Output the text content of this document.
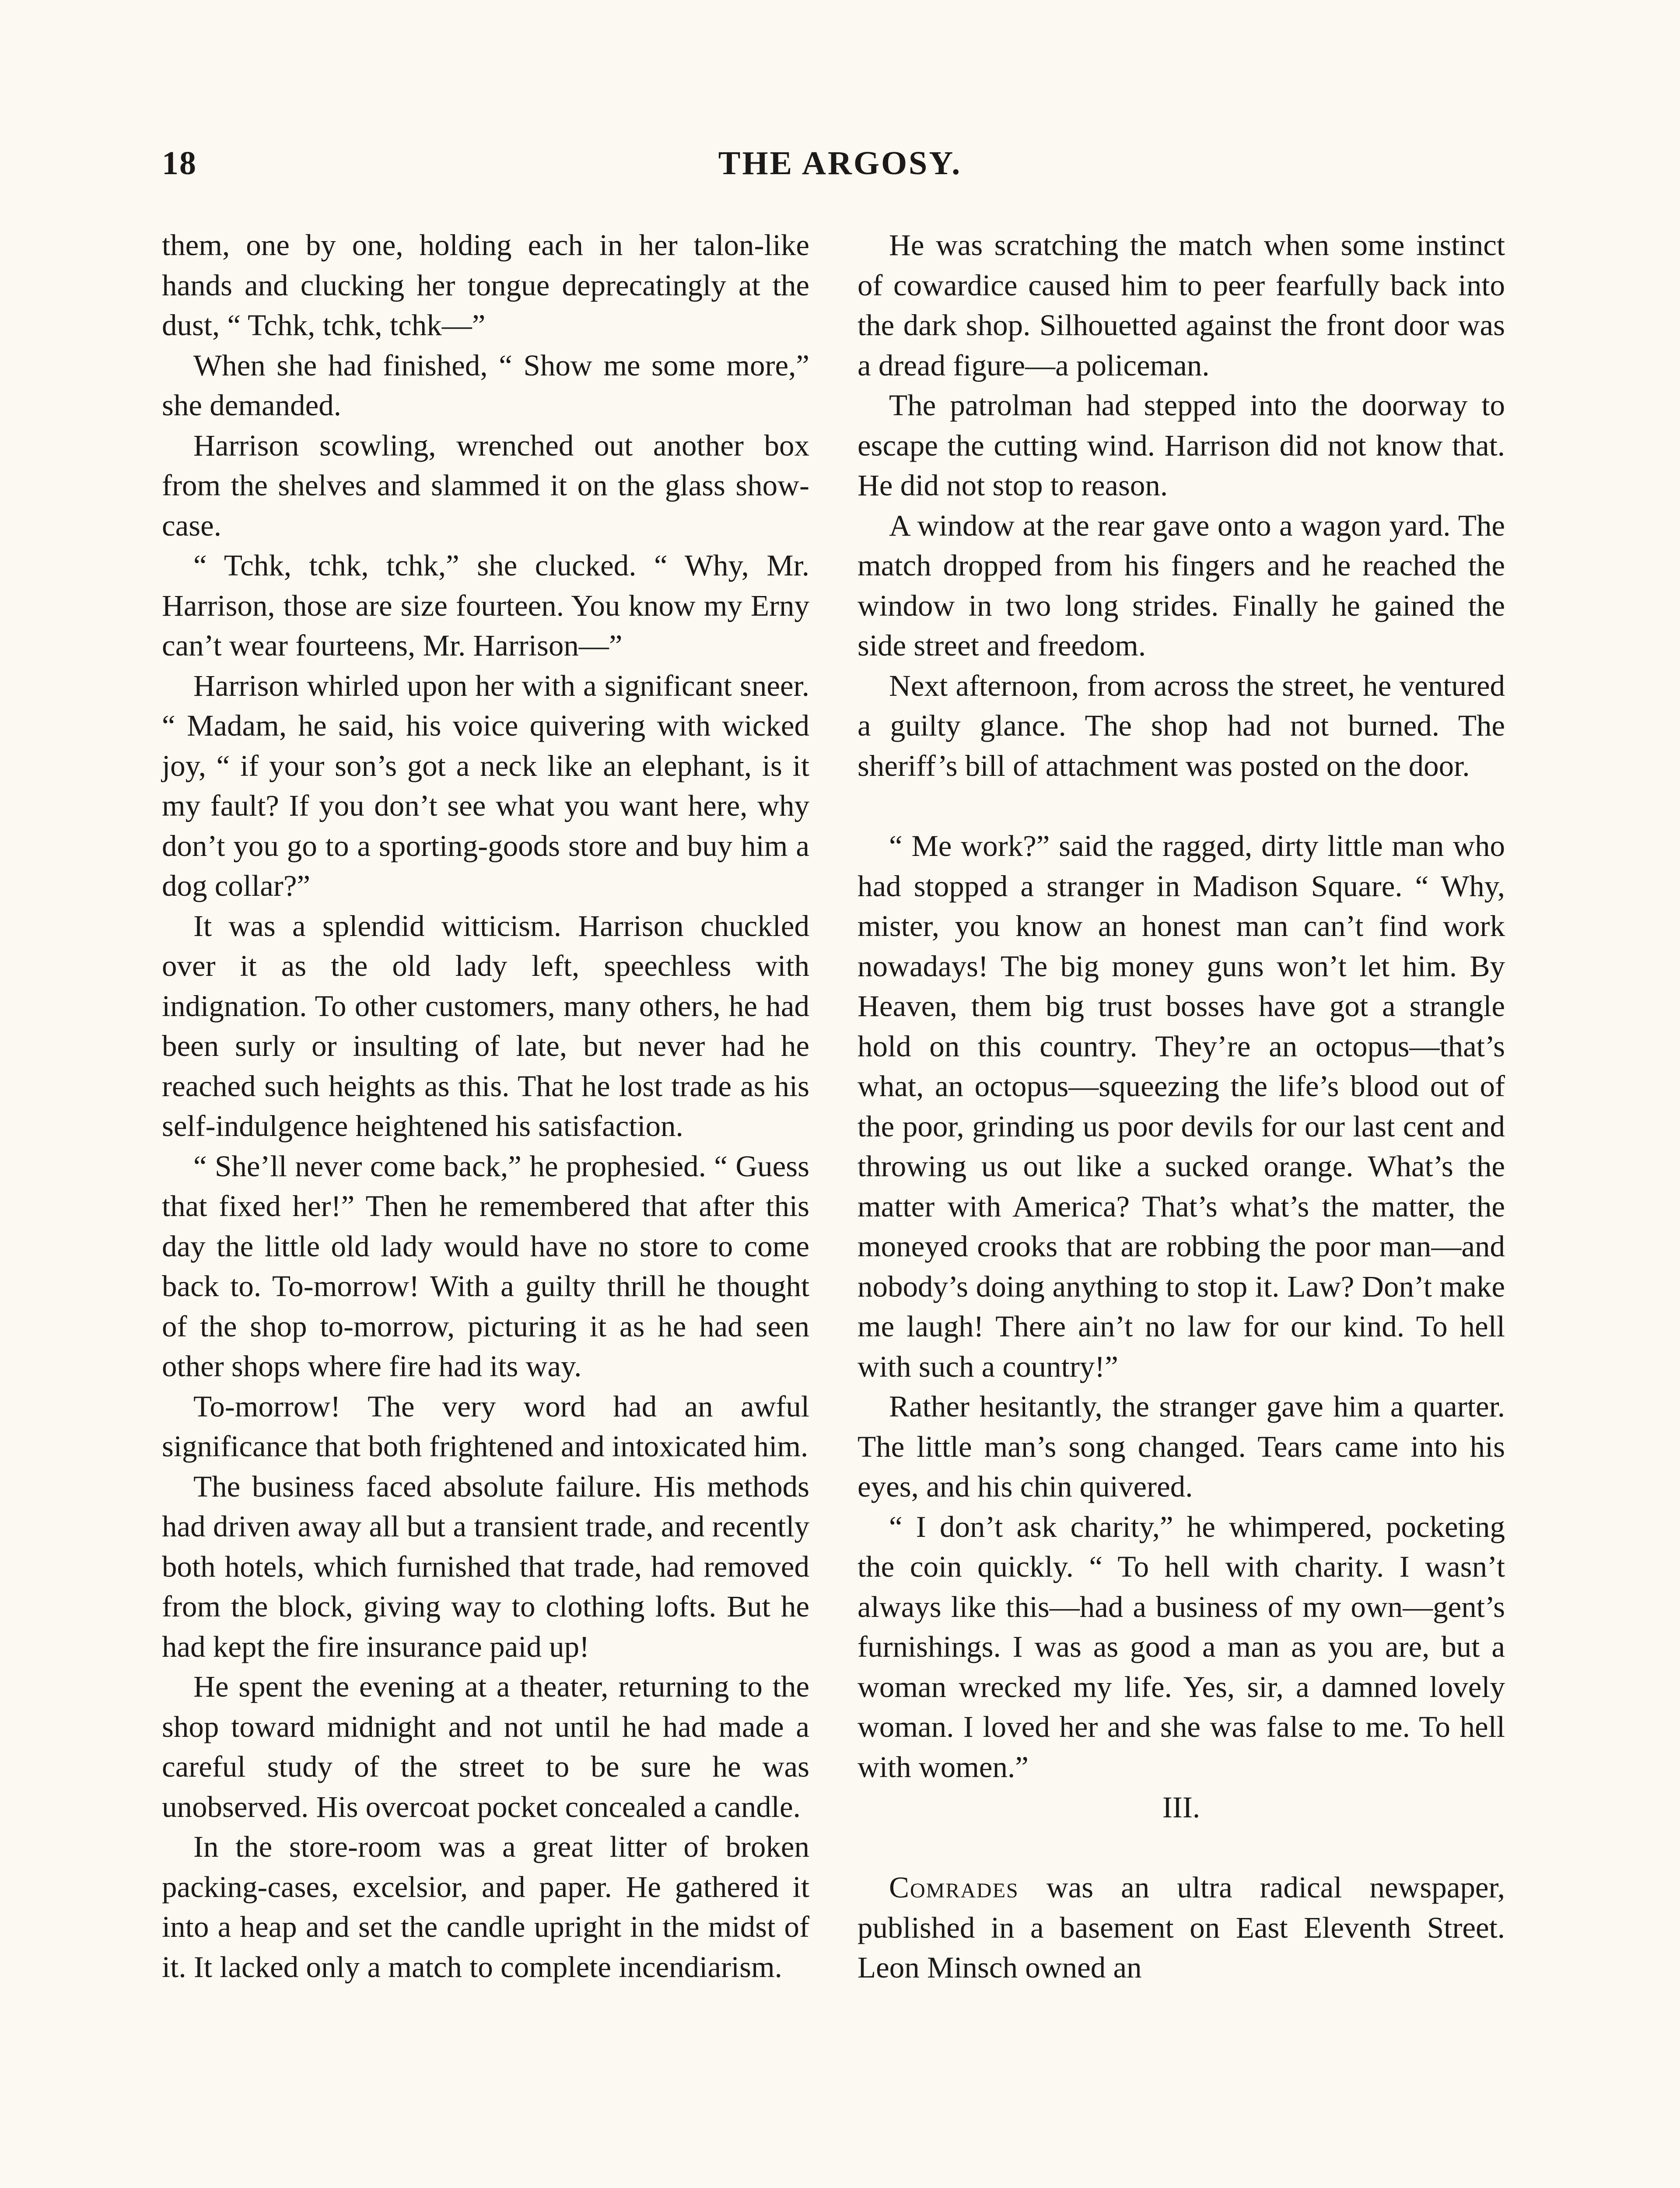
18	THE ARGOSY.

them, one by one, holding each in her talon-like hands and clucking her tongue deprecatingly at the dust, “ Tchk, tchk, tchk—”

When she had finished, “ Show me some more,” she demanded.

Harrison scowling, wrenched out another box from the shelves and slammed it on the glass show-case.

“ Tchk, tchk, tchk,” she clucked. “ Why, Mr. Harrison, those are size fourteen. You know my Erny can’t wear fourteens, Mr. Harrison—”

Harrison whirled upon her with a significant sneer. “ Madam, he said, his voice quivering with wicked joy, “ if your son’s got a neck like an elephant, is it my fault? If you don’t see what you want here, why don’t you go to a sporting-goods store and buy him a dog collar?”

It was a splendid witticism. Harrison chuckled over it as the old lady left, speechless with indignation. To other customers, many others, he had been surly or insulting of late, but never had he reached such heights as this. That he lost trade as his self-indulgence heightened his satisfaction.

“ She’ll never come back,” he prophesied. “ Guess that fixed her!” Then he remembered that after this day the little old lady would have no store to come back to. To-morrow! With a guilty thrill he thought of the shop to-morrow, picturing it as he had seen other shops where fire had its way.

To-morrow! The very word had an awful significance that both frightened and intoxicated him.

The business faced absolute failure. His methods had driven away all but a transient trade, and recently both hotels, which furnished that trade, had removed from the block, giving way to clothing lofts. But he had kept the fire insurance paid up!

He spent the evening at a theater, returning to the shop toward midnight and not until he had made a careful study of the street to be sure he was unobserved. His overcoat pocket concealed a candle.

In the store-room was a great litter of broken packing-cases, excelsior, and paper. He gathered it into a heap and set the candle upright in the midst of it. It lacked only a match to complete incendiarism.

He was scratching the match when some instinct of cowardice caused him to peer fearfully back into the dark shop. Silhouetted against the front door was a dread figure—a policeman.

The patrolman had stepped into the doorway to escape the cutting wind. Harrison did not know that. He did not stop to reason.

A window at the rear gave onto a wagon yard. The match dropped from his fingers and he reached the window in two long strides. Finally he gained the side street and freedom.

Next afternoon, from across the street, he ventured a guilty glance. The shop had not burned. The sheriff’s bill of attachment was posted on the door.

“ Me work?” said the ragged, dirty little man who had stopped a stranger in Madison Square. “ Why, mister, you know an honest man can’t find work nowadays! The big money guns won’t let him. By Heaven, them big trust bosses have got a strangle hold on this country. They’re an octopus—that’s what, an octopus—squeezing the life’s blood out of the poor, grinding us poor devils for our last cent and throwing us out like a sucked orange. What’s the matter with America? That’s what’s the matter, the moneyed crooks that are robbing the poor man—and nobody’s doing anything to stop it. Law? Don’t make me laugh! There ain’t no law for our kind. To hell with such a country!”

Rather hesitantly, the stranger gave him a quarter. The little man’s song changed. Tears came into his eyes, and his chin quivered.

“ I don’t ask charity,” he whimpered, pocketing the coin quickly. “ To hell with charity. I wasn’t always like this—had a business of my own—gent’s furnishings. I was as good a man as you are, but a woman wrecked my life. Yes, sir, a damned lovely woman. I loved her and she was false to me. To hell with women.”

III.

Comrades was an ultra radical newspaper, published in a basement on East Eleventh Street. Leon Minsch owned an
